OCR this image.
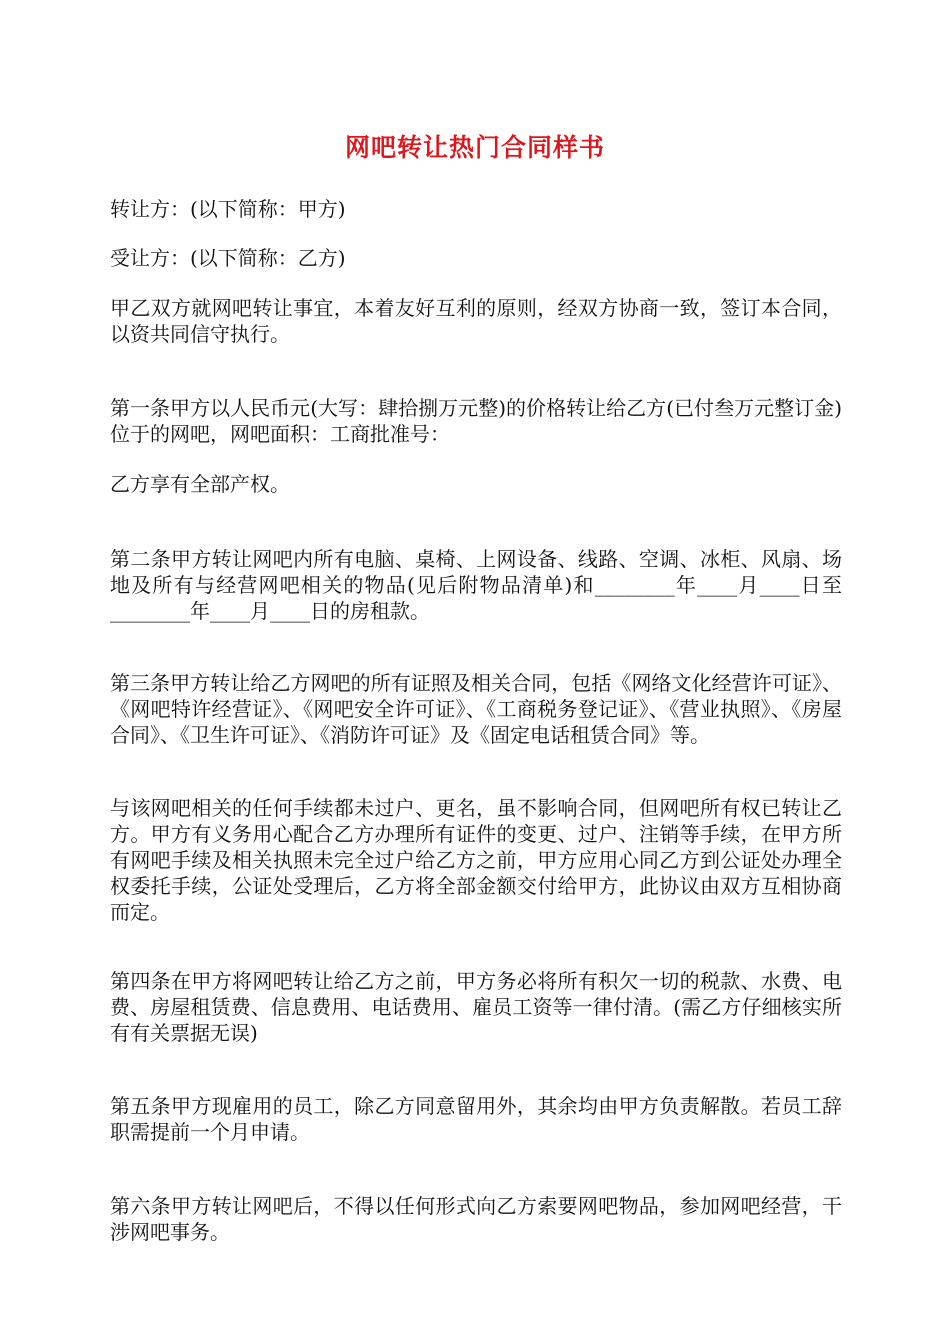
网吧转让热门合同样书

转让方：(以下简称：甲方)

受让方：(以下简称：乙方)

甲乙双方就网吧转让事宜，本着友好互利的原则，经双方协商一致，签订本合同，以资共同信守执行。

第一条甲方以人民币元(大写：肆拾捌万元整)的价格转让给乙方(已付叁万元整订金)位于的网吧，网吧面积：工商批准号：

乙方享有全部产权。

第二条甲方转让网吧内所有电脑、桌椅、上网设备、线路、空调、冰柜、风扇、场地及所有与经营网吧相关的物品(见后附物品清单)和________年____月____日至________年____月____日的房租款。

第三条甲方转让给乙方网吧的所有证照及相关合同，包括《网络文化经营许可证》、《网吧特许经营证》、《网吧安全许可证》、《工商税务登记证》、《营业执照》、《房屋合同》、《卫生许可证》、《消防许可证》及《固定电话租赁合同》等。

与该网吧相关的任何手续都未过户、更名，虽不影响合同，但网吧所有权已转让乙方。甲方有义务用心配合乙方办理所有证件的变更、过户、注销等手续，在甲方所有网吧手续及相关执照未完全过户给乙方之前，甲方应用心同乙方到公证处办理全权委托手续，公证处受理后，乙方将全部金额交付给甲方，此协议由双方互相协商而定。

第四条在甲方将网吧转让给乙方之前，甲方务必将所有积欠一切的税款、水费、电费、房屋租赁费、信息费用、电话费用、雇员工资等一律付清。(需乙方仔细核实所有有关票据无误)

第五条甲方现雇用的员工，除乙方同意留用外，其余均由甲方负责解散。若员工辞职需提前一个月申请。

第六条甲方转让网吧后，不得以任何形式向乙方索要网吧物品，参加网吧经营，干涉网吧事务。
